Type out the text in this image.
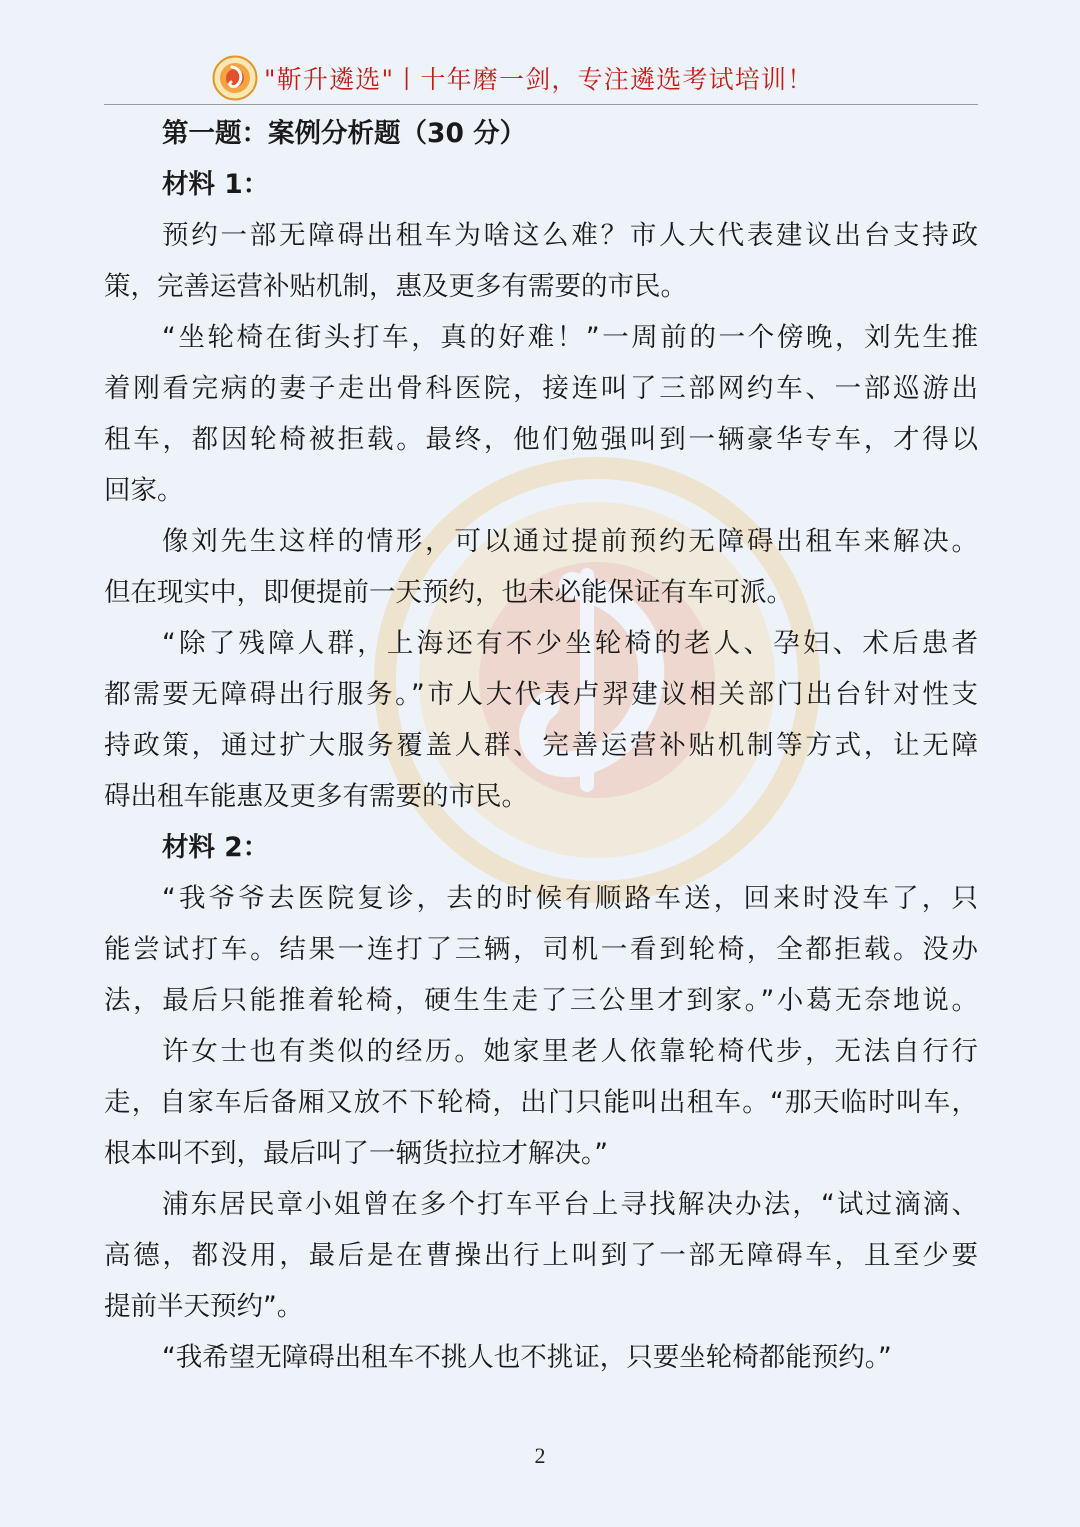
"靳升遴选"丨十年磨一剑，专注遴选考试培训！
第一题：案例分析题（30 分）
材料 1：
预约一部无障碍出租车为啥这么难？市人大代表建议出台支持政
策，完善运营补贴机制，惠及更多有需要的市民。
“坐轮椅在街头打车，真的好难！”一周前的一个傍晚，刘先生推
着刚看完病的妻子走出骨科医院，接连叫了三部网约车、一部巡游出
租车，都因轮椅被拒载。最终，他们勉强叫到一辆豪华专车，才得以
回家。
像刘先生这样的情形，可以通过提前预约无障碍出租车来解决。
但在现实中，即便提前一天预约，也未必能保证有车可派。
“除了残障人群，上海还有不少坐轮椅的老人、孕妇、术后患者
都需要无障碍出行服务。”市人大代表卢羿建议相关部门出台针对性支
持政策，通过扩大服务覆盖人群、完善运营补贴机制等方式，让无障
碍出租车能惠及更多有需要的市民。
材料 2：
“我爷爷去医院复诊，去的时候有顺路车送，回来时没车了，只
能尝试打车。结果一连打了三辆，司机一看到轮椅，全都拒载。没办
法，最后只能推着轮椅，硬生生走了三公里才到家。”小葛无奈地说。
许女士也有类似的经历。她家里老人依靠轮椅代步，无法自行行
走，自家车后备厢又放不下轮椅，出门只能叫出租车。“那天临时叫车，
根本叫不到，最后叫了一辆货拉拉才解决。”
浦东居民章小姐曾在多个打车平台上寻找解决办法，“试过滴滴、
高德，都没用，最后是在曹操出行上叫到了一部无障碍车，且至少要
提前半天预约”。
“我希望无障碍出租车不挑人也不挑证，只要坐轮椅都能预约。”
2
